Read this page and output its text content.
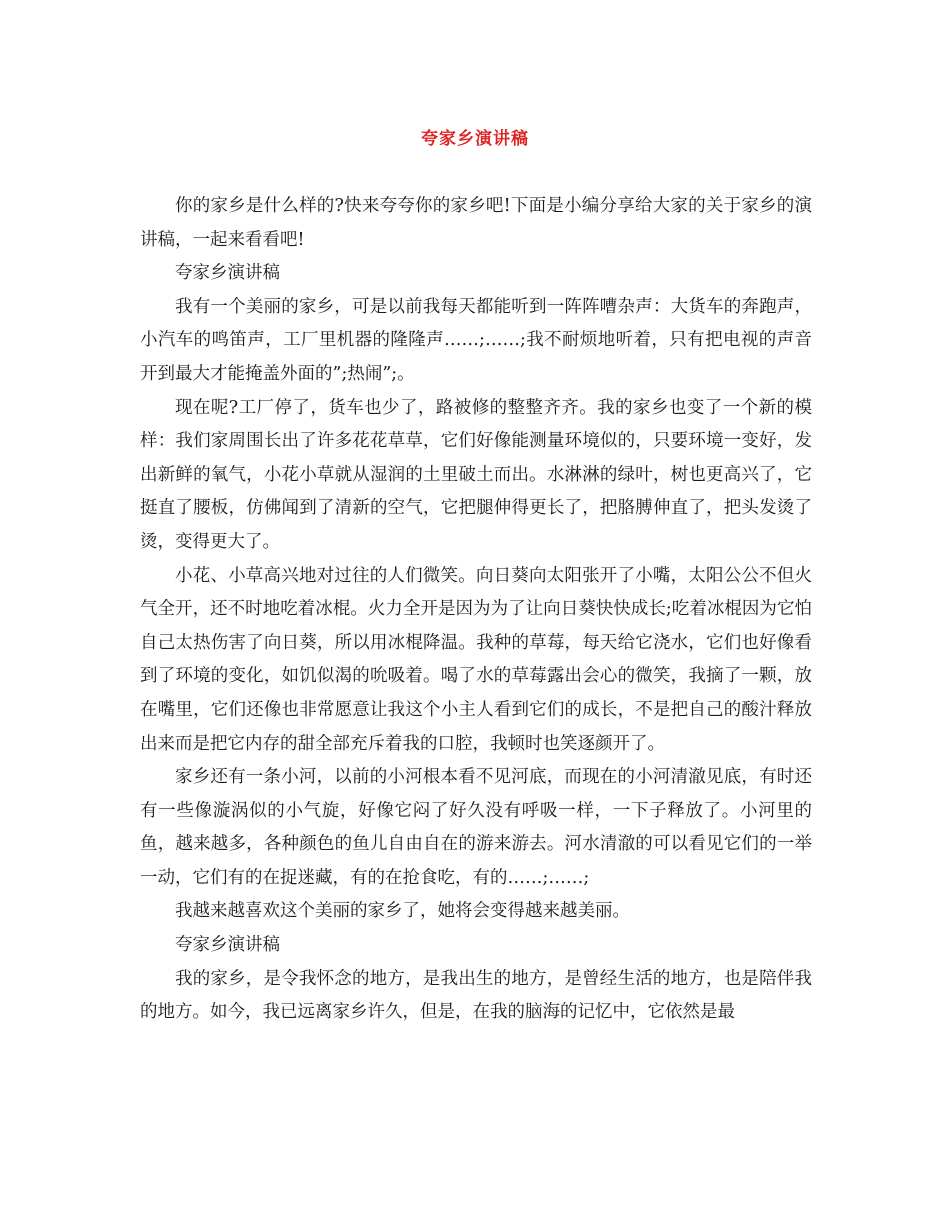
夸家乡演讲稿

你的家乡是什么样的?快来夸夸你的家乡吧!下面是小编分享给大家的关于家乡的演讲稿，一起来看看吧!

夸家乡演讲稿

我有一个美丽的家乡，可是以前我每天都能听到一阵阵嘈杂声：大货车的奔跑声，小汽车的鸣笛声，工厂里机器的隆隆声……;……;我不耐烦地听着，只有把电视的声音开到最大才能掩盖外面的”;热闹”;。

现在呢?工厂停了，货车也少了，路被修的整整齐齐。我的家乡也变了一个新的模样：我们家周围长出了许多花花草草，它们好像能测量环境似的，只要环境一变好，发出新鲜的氧气，小花小草就从湿润的土里破土而出。水淋淋的绿叶，树也更高兴了，它挺直了腰板，仿佛闻到了清新的空气，它把腿伸得更长了，把胳膊伸直了，把头发烫了烫，变得更大了。

小花、小草高兴地对过往的人们微笑。向日葵向太阳张开了小嘴，太阳公公不但火气全开，还不时地吃着冰棍。火力全开是因为为了让向日葵快快成长;吃着冰棍因为它怕自己太热伤害了向日葵，所以用冰棍降温。我种的草莓，每天给它浇水，它们也好像看到了环境的变化，如饥似渴的吮吸着。喝了水的草莓露出会心的微笑，我摘了一颗，放在嘴里，它们还像也非常愿意让我这个小主人看到它们的成长，不是把自己的酸汁释放出来而是把它内存的甜全部充斥着我的口腔，我顿时也笑逐颜开了。

家乡还有一条小河，以前的小河根本看不见河底，而现在的小河清澈见底，有时还有一些像漩涡似的小气旋，好像它闷了好久没有呼吸一样，一下子释放了。小河里的鱼，越来越多，各种颜色的鱼儿自由自在的游来游去。河水清澈的可以看见它们的一举一动，它们有的在捉迷藏，有的在抢食吃，有的……;……;

我越来越喜欢这个美丽的家乡了，她将会变得越来越美丽。

夸家乡演讲稿

我的家乡，是令我怀念的地方，是我出生的地方，是曾经生活的地方，也是陪伴我的地方。如今，我已远离家乡许久，但是，在我的脑海的记忆中，它依然是最
